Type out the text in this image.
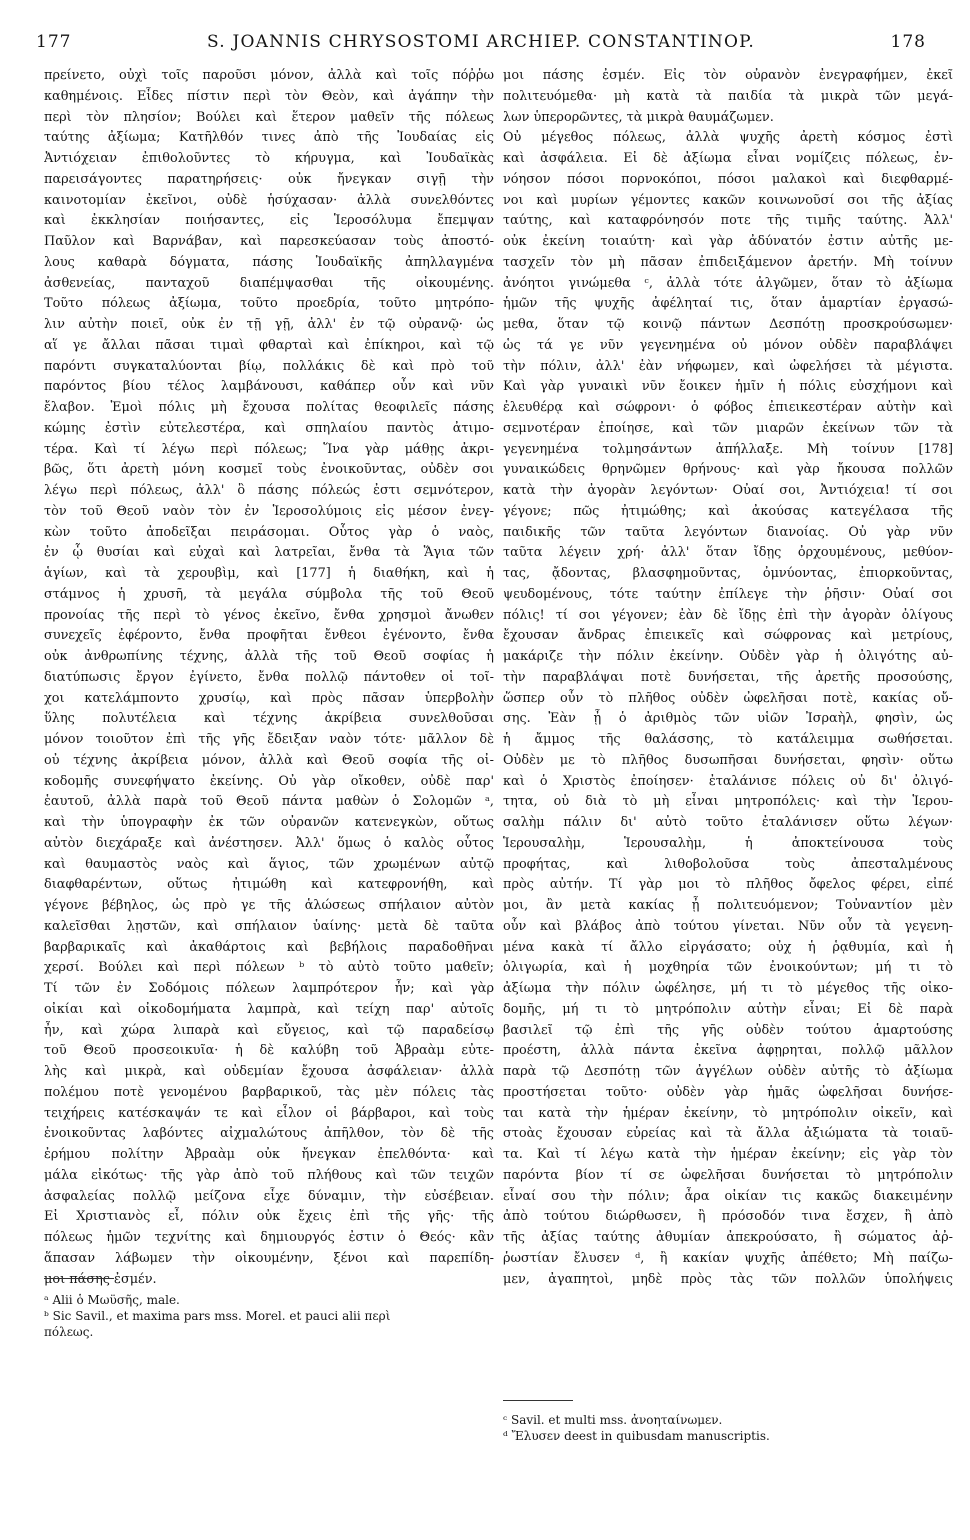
177	S. JOANNIS CHRYSOSTOMI ARCHIEP. CONSTANTINOP.	178
πρείνετο, οὐχὶ τοῖς παροῦσι μόνον, ἀλλὰ καὶ τοῖς πόῤῥω
καθημένοις. Εἶδες πίστιν περὶ τὸν Θεὸν, καὶ ἀγάπην τὴν
περὶ τὸν πλησίον; Βούλει καὶ ἕτερον μαθεῖν τῆς πόλεως
ταύτης ἀξίωμα; Κατῆλθόν τινες ἀπὸ τῆς Ἰουδαίας εἰς
Ἀντιόχειαν ἐπιθολοῦντες τὸ κήρυγμα, καὶ Ἰουδαϊκὰς
παρεισάγοντες παρατηρήσεις· οὐκ ἤνεγκαν σιγῇ τὴν
καινοτομίαν ἐκεῖνοι, οὐδὲ ἡσύχασαν· ἀλλὰ συνελθόντες
καὶ ἐκκλησίαν ποιήσαντες, εἰς Ἱεροσόλυμα ἔπεμψαν
Παῦλον καὶ Βαρνάβαν, καὶ παρεσκεύασαν τοὺς ἀποστό-
λους καθαρὰ δόγματα, πάσης Ἰουδαϊκῆς ἀπηλλαγμένα
ἀσθενείας, πανταχοῦ διαπέμψασθαι τῆς οἰκουμένης.
Τοῦτο πόλεως ἀξίωμα, τοῦτο προεδρία, τοῦτο μητρόπο-
λιν αὐτὴν ποιεῖ, οὐκ ἐν τῇ γῇ, ἀλλ' ἐν τῷ οὐρανῷ· ὡς
αἵ γε ἄλλαι πᾶσαι τιμαὶ φθαρταὶ καὶ ἐπίκηροι, καὶ τῷ
παρόντι συγκαταλύονται βίῳ, πολλάκις δὲ καὶ πρὸ τοῦ
παρόντος βίου τέλος λαμβάνουσι, καθάπερ οὖν καὶ νῦν
ἔλαβον. Ἐμοὶ πόλις μὴ ἔχουσα πολίτας θεοφιλεῖς πάσης
κώμης ἐστὶν εὐτελεστέρα, καὶ σπηλαίου παντὸς ἀτιμο-
τέρα. Καὶ τί λέγω περὶ πόλεως; Ἵνα γὰρ μάθῃς ἀκρι-
βῶς, ὅτι ἀρετὴ μόνη κοσμεῖ τοὺς ἐνοικοῦντας, οὐδὲν σοι
λέγω περὶ πόλεως, ἀλλ' ὃ πάσης πόλεώς ἐστι σεμνότερον,
τὸν τοῦ Θεοῦ ναὸν τὸν ἐν Ἱεροσολύμοις εἰς μέσον ἐνεγ-
κὼν τοῦτο ἀποδεῖξαι πειράσομαι. Οὗτος γὰρ ὁ ναὸς,
ἐν ᾧ θυσίαι καὶ εὐχαὶ καὶ λατρεῖαι, ἔνθα τὰ Ἅγια τῶν
ἁγίων, καὶ τὰ χερουβὶμ, καὶ [177] ἡ διαθήκη, καὶ ἡ
στάμνος ἡ χρυσῆ, τὰ μεγάλα σύμβολα τῆς τοῦ Θεοῦ
προνοίας τῆς περὶ τὸ γένος ἐκεῖνο, ἔνθα χρησμοὶ ἄνωθεν
συνεχεῖς ἐφέροντο, ἔνθα προφῆται ἔνθεοι ἐγένοντο, ἔνθα
οὐκ ἀνθρωπίνης τέχνης, ἀλλὰ τῆς τοῦ Θεοῦ σοφίας ἡ
διατύπωσις ἔργον ἐγίνετο, ἔνθα πολλῷ πάντοθεν οἱ τοῖ-
χοι κατελάμποντο χρυσίῳ, καὶ πρὸς πᾶσαν ὑπερβολὴν
ὕλης πολυτέλεια καὶ τέχνης ἀκρίβεια συνελθοῦσαι
μόνον τοιοῦτον ἐπὶ τῆς γῆς ἔδειξαν ναὸν τότε· μᾶλλον δὲ
οὐ τέχνης ἀκρίβεια μόνον, ἀλλὰ καὶ Θεοῦ σοφία τῆς οἰ-
κοδομῆς συνεφήψατο ἐκείνης. Οὐ γὰρ οἴκοθεν, οὐδὲ παρ'
ἑαυτοῦ, ἀλλὰ παρὰ τοῦ Θεοῦ πάντα μαθὼν ὁ Σολομῶν ᵃ,
καὶ τὴν ὑπογραφὴν ἐκ τῶν οὐρανῶν κατενεγκὼν, οὕτως
αὐτὸν διεχάραξε καὶ ἀνέστησεν. Ἀλλ' ὅμως ὁ καλὸς οὗτος
καὶ θαυμαστὸς ναὸς καὶ ἅγιος, τῶν χρωμένων αὐτῷ
διαφθαρέντων, οὕτως ἠτιμώθη καὶ κατεφρονήθη, καὶ
γέγονε βέβηλος, ὡς πρὸ γε τῆς ἁλώσεως σπήλαιον αὐτὸν
καλεῖσθαι λῃστῶν, καὶ σπήλαιον ὑαίνης· μετὰ δὲ ταῦτα
βαρβαρικαῖς καὶ ἀκαθάρτοις καὶ βεβήλοις παραδοθῆναι
χερσί. Βούλει καὶ περὶ πόλεων ᵇ τὸ αὐτὸ τοῦτο μαθεῖν;
Τί τῶν ἐν Σοδόμοις πόλεων λαμπρότερον ἦν; καὶ γὰρ
οἰκίαι καὶ οἰκοδομήματα λαμπρὰ, καὶ τείχη παρ' αὐτοῖς
ἦν, καὶ χώρα λιπαρὰ καὶ εὔγειος, καὶ τῷ παραδείσῳ
τοῦ Θεοῦ προσεοικυῖα· ἡ δὲ καλύβη τοῦ Ἀβραὰμ εὐτε-
λὴς καὶ μικρὰ, καὶ οὐδεμίαν ἔχουσα ἀσφάλειαν· ἀλλὰ
πολέμου ποτὲ γενομένου βαρβαρικοῦ, τὰς μὲν πόλεις τὰς
τειχήρεις κατέσκαψάν τε καὶ εἷλον οἱ βάρβαροι, καὶ τοὺς
ἐνοικοῦντας λαβόντες αἰχμαλώτους ἀπῆλθον, τὸν δὲ τῆς
ἐρήμου πολίτην Ἀβραὰμ οὐκ ἤνεγκαν ἐπελθόντα· καὶ
μάλα εἰκότως· τῆς γὰρ ἀπὸ τοῦ πλήθους καὶ τῶν τειχῶν
ἀσφαλείας πολλῷ μείζονα εἶχε δύναμιν, τὴν εὐσέβειαν.
Εἰ Χριστιανὸς εἶ, πόλιν οὐκ ἔχεις ἐπὶ τῆς γῆς· τῆς
πόλεως ἡμῶν τεχνίτης καὶ δημιουργός ἐστιν ὁ Θεός· κἂν
ἅπασαν λάβωμεν τὴν οἰκουμένην, ξένοι καὶ παρεπίδη-
μοι πάσης ἐσμέν.
μοι πάσης ἐσμέν. Εἰς τὸν οὐρανὸν ἐνεγραφήμεν, ἐκεῖ
πολιτευόμεθα· μὴ κατὰ τὰ παιδία τὰ μικρὰ τῶν μεγά-
λων ὑπερορῶντες, τὰ μικρὰ θαυμάζωμεν.
Οὐ μέγεθος πόλεως, ἀλλὰ ψυχῆς ἀρετὴ κόσμος ἐστὶ
καὶ ἀσφάλεια. Εἰ δὲ ἀξίωμα εἶναι νομίζεις πόλεως, ἐν-
νόησον πόσοι πορνοκόποι, πόσοι μαλακοὶ καὶ διεφθαρμέ-
νοι καὶ μυρίων γέμοντες κακῶν κοινωνοῦσί σοι τῆς ἀξίας
ταύτης, καὶ καταφρόνησόν ποτε τῆς τιμῆς ταύτης. Ἀλλ'
οὐκ ἐκείνη τοιαύτη· καὶ γὰρ ἀδύνατόν ἐστιν αὐτῆς με-
τασχεῖν τὸν μὴ πᾶσαν ἐπιδειξάμενον ἀρετήν. Μὴ τοίνυν
ἀνόητοι γινώμεθα ᶜ, ἀλλὰ τότε ἀλγῶμεν, ὅταν τὸ ἀξίωμα
ἡμῶν τῆς ψυχῆς ἀφέληταί τις, ὅταν ἁμαρτίαν ἐργασώ-
μεθα, ὅταν τῷ κοινῷ πάντων Δεσπότῃ προσκρούσωμεν·
ὡς τά γε νῦν γεγενημένα οὐ μόνον οὐδὲν παραβλάψει
τὴν πόλιν, ἀλλ' ἐὰν νήφωμεν, καὶ ὠφελήσει τὰ μέγιστα.
Καὶ γὰρ γυναικὶ νῦν ἔοικεν ἡμῖν ἡ πόλις εὐσχήμονι καὶ
ἐλευθέρᾳ καὶ σώφρονι· ὁ φόβος ἐπιεικεστέραν αὐτὴν καὶ
σεμνοτέραν ἐποίησε, καὶ τῶν μιαρῶν ἐκείνων τῶν τὰ
γεγενημένα τολμησάντων ἀπήλλαξε. Μὴ τοίνυν [178]
γυναικώδεις θρηνῶμεν θρήνους· καὶ γὰρ ἤκουσα πολλῶν
κατὰ τὴν ἀγορὰν λεγόντων· Οὐαί σοι, Ἀντιόχεια! τί σοι
γέγονε; πῶς ἠτιμώθης; καὶ ἀκούσας κατεγέλασα τῆς
παιδικῆς τῶν ταῦτα λεγόντων διανοίας. Οὐ γὰρ νῦν
ταῦτα λέγειν χρή· ἀλλ' ὅταν ἴδῃς ὀρχουμένους, μεθύον-
τας, ᾄδοντας, βλασφημοῦντας, ὀμνύοντας, ἐπιορκοῦντας,
ψευδομένους, τότε ταύτην ἐπίλεγε τὴν ῥῆσιν· Οὐαί σοι
πόλις! τί σοι γέγονεν; ἐὰν δὲ ἴδῃς ἐπὶ τὴν ἀγορὰν ὀλίγους
ἔχουσαν ἄνδρας ἐπιεικεῖς καὶ σώφρονας καὶ μετρίους,
μακάριζε τὴν πόλιν ἐκείνην. Οὐδὲν γὰρ ἡ ὀλιγότης αὐ-
τὴν παραβλάψαι ποτὲ δυνήσεται, τῆς ἀρετῆς προσούσης,
ὥσπερ οὖν τὸ πλῆθος οὐδὲν ὠφελῆσαι ποτὲ, κακίας οὔ-
σης. Ἐὰν ᾖ ὁ ἀριθμὸς τῶν υἱῶν Ἰσραὴλ, φησὶν, ὡς
ἡ ἄμμος τῆς θαλάσσης, τὸ κατάλειμμα σωθήσεται.
Οὐδὲν με τὸ πλῆθος δυσωπῆσαι δυνήσεται, φησὶν· οὕτω
καὶ ὁ Χριστὸς ἐποίησεν· ἐταλάνισε πόλεις οὐ δι' ὀλιγό-
τητα, οὐ διὰ τὸ μὴ εἶναι μητροπόλεις· καὶ τὴν Ἱερου-
σαλὴμ πάλιν δι' αὐτὸ τοῦτο ἐταλάνισεν οὕτω λέγων·
Ἱερουσαλὴμ, Ἱερουσαλὴμ, ἡ ἀποκτείνουσα τοὺς
προφήτας, καὶ λιθοβολοῦσα τοὺς ἀπεσταλμένους
πρὸς αὐτήν. Τί γὰρ μοι τὸ πλῆθος ὄφελος φέρει, εἰπέ
μοι, ἂν μετὰ κακίας ᾖ πολιτευόμενον; Τοὐναντίον μὲν
οὖν καὶ βλάβος ἀπὸ τούτου γίνεται. Νῦν οὖν τὰ γεγενη-
μένα κακὰ τί ἄλλο εἰργάσατο; οὐχ ἡ ῥᾳθυμία, καὶ ἡ
ὀλιγωρία, καὶ ἡ μοχθηρία τῶν ἐνοικούντων; μή τι τὸ
ἀξίωμα τὴν πόλιν ὠφέλησε, μή τι τὸ μέγεθος τῆς οἰκο-
δομῆς, μή τι τὸ μητρόπολιν αὐτὴν εἶναι; Εἰ δὲ παρὰ
βασιλεῖ τῷ ἐπὶ τῆς γῆς οὐδὲν τούτου ἁμαρτούσης
προέστη, ἀλλὰ πάντα ἐκεῖνα ἀφῃρηται, πολλῷ μᾶλλον
παρὰ τῷ Δεσπότῃ τῶν ἀγγέλων οὐδὲν αὐτῆς τὸ ἀξίωμα
προστήσεται τοῦτο· οὐδὲν γὰρ ἡμᾶς ὠφελῆσαι δυνήσε-
ται κατὰ τὴν ἡμέραν ἐκείνην, τὸ μητρόπολιν οἰκεῖν, καὶ
στοὰς ἔχουσαν εὐρείας καὶ τὰ ἄλλα ἀξιώματα τὰ τοιαῦ-
τα. Καὶ τί λέγω κατὰ τὴν ἡμέραν ἐκείνην; εἰς γὰρ τὸν
παρόντα βίον τί σε ὠφελῆσαι δυνήσεται τὸ μητρόπολιν
εἶναί σου τὴν πόλιν; ἆρα οἰκίαν τις κακῶς διακειμένην
ἀπὸ τούτου διώρθωσεν, ἢ πρόσοδόν τινα ἔσχεν, ἢ ἀπὸ
τῆς ἀξίας ταύτης ἀθυμίαν ἀπεκρούσατο, ἢ σώματος ἀῤ-
ῥωστίαν ἔλυσεν ᵈ, ἢ κακίαν ψυχῆς ἀπέθετο; Μὴ παίζω-
μεν, ἀγαπητοὶ, μηδὲ πρὸς τὰς τῶν πολλῶν ὑπολήψεις
ᵃ Alii ὁ Μωϋσῆς, male.
ᵇ Sic Savil., et maxima pars mss. Morel. et pauci alii περὶ
πόλεως.
ᶜ Savil. et multi mss. ἀνοηταίνωμεν.
ᵈ Ἔλυσεν deest in quibusdam manuscriptis.
